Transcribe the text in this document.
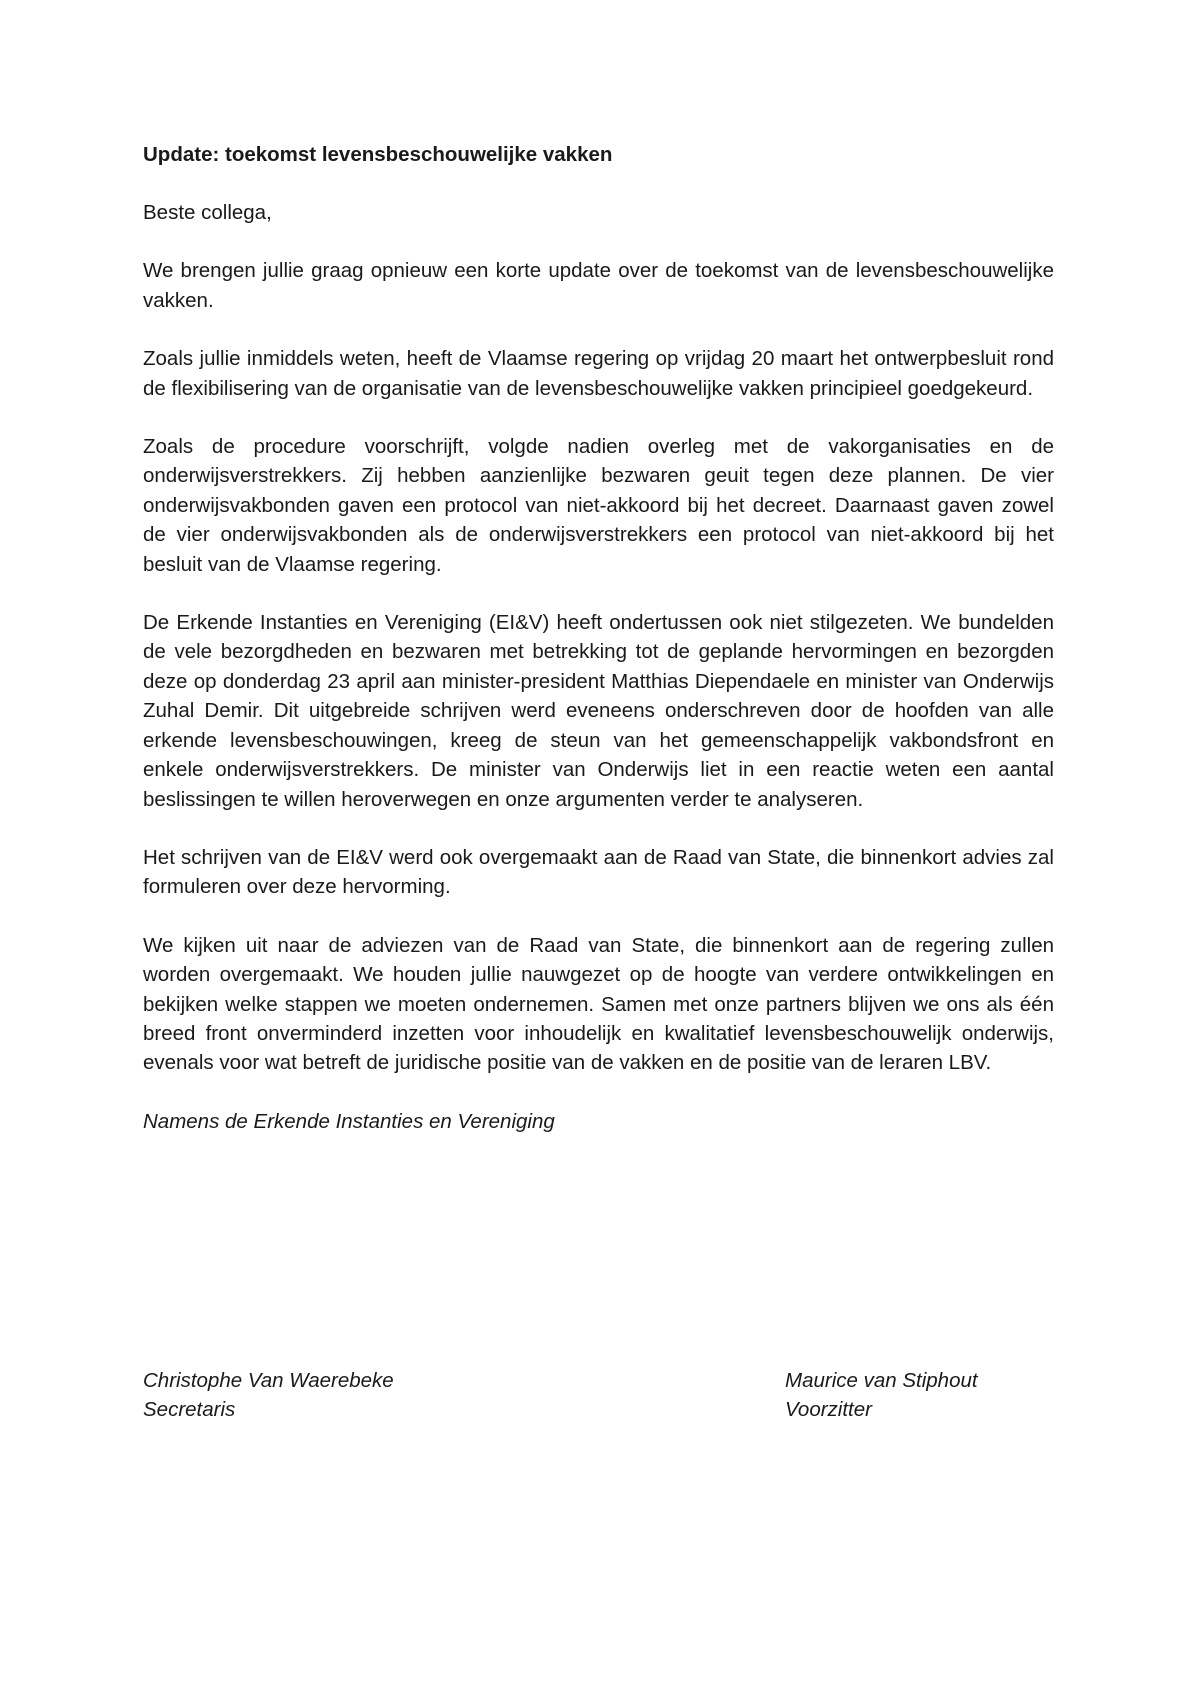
Update: toekomst levensbeschouwelijke vakken
Beste collega,
We brengen jullie graag opnieuw een korte update over de toekomst van de levensbeschouwelijke vakken.
Zoals jullie inmiddels weten, heeft de Vlaamse regering op vrijdag 20 maart het ontwerpbesluit rond de flexibilisering van de organisatie van de levensbeschouwelijke vakken principieel goedgekeurd.
Zoals de procedure voorschrijft, volgde nadien overleg met de vakorganisaties en de onderwijsverstrekkers. Zij hebben aanzienlijke bezwaren geuit tegen deze plannen. De vier onderwijsvakbonden gaven een protocol van niet-akkoord bij het decreet. Daarnaast gaven zowel de vier onderwijsvakbonden als de onderwijsverstrekkers een protocol van niet-akkoord bij het besluit van de Vlaamse regering.
De Erkende Instanties en Vereniging (EI&V) heeft ondertussen ook niet stilgezeten. We bundelden de vele bezorgdheden en bezwaren met betrekking tot de geplande hervormingen en bezorgden deze op donderdag 23 april aan minister-president Matthias Diependaele en minister van Onderwijs Zuhal Demir. Dit uitgebreide schrijven werd eveneens onderschreven door de hoofden van alle erkende levensbeschouwingen, kreeg de steun van het gemeenschappelijk vakbondsfront en enkele onderwijsverstrekkers. De minister van Onderwijs liet in een reactie weten een aantal beslissingen te willen heroverwegen en onze argumenten verder te analyseren.
Het schrijven van de EI&V werd ook overgemaakt aan de Raad van State, die binnenkort advies zal formuleren over deze hervorming.
We kijken uit naar de adviezen van de Raad van State, die binnenkort aan de regering zullen worden overgemaakt. We houden jullie nauwgezet op de hoogte van verdere ontwikkelingen en bekijken welke stappen we moeten ondernemen. Samen met onze partners blijven we ons als één breed front onverminderd inzetten voor inhoudelijk en kwalitatief levensbeschouwelijk onderwijs, evenals voor wat betreft de juridische positie van de vakken en de positie van de leraren LBV.
Namens de Erkende Instanties en Vereniging
Christophe Van Waerebeke
Secretaris
Maurice van Stiphout
Voorzitter
